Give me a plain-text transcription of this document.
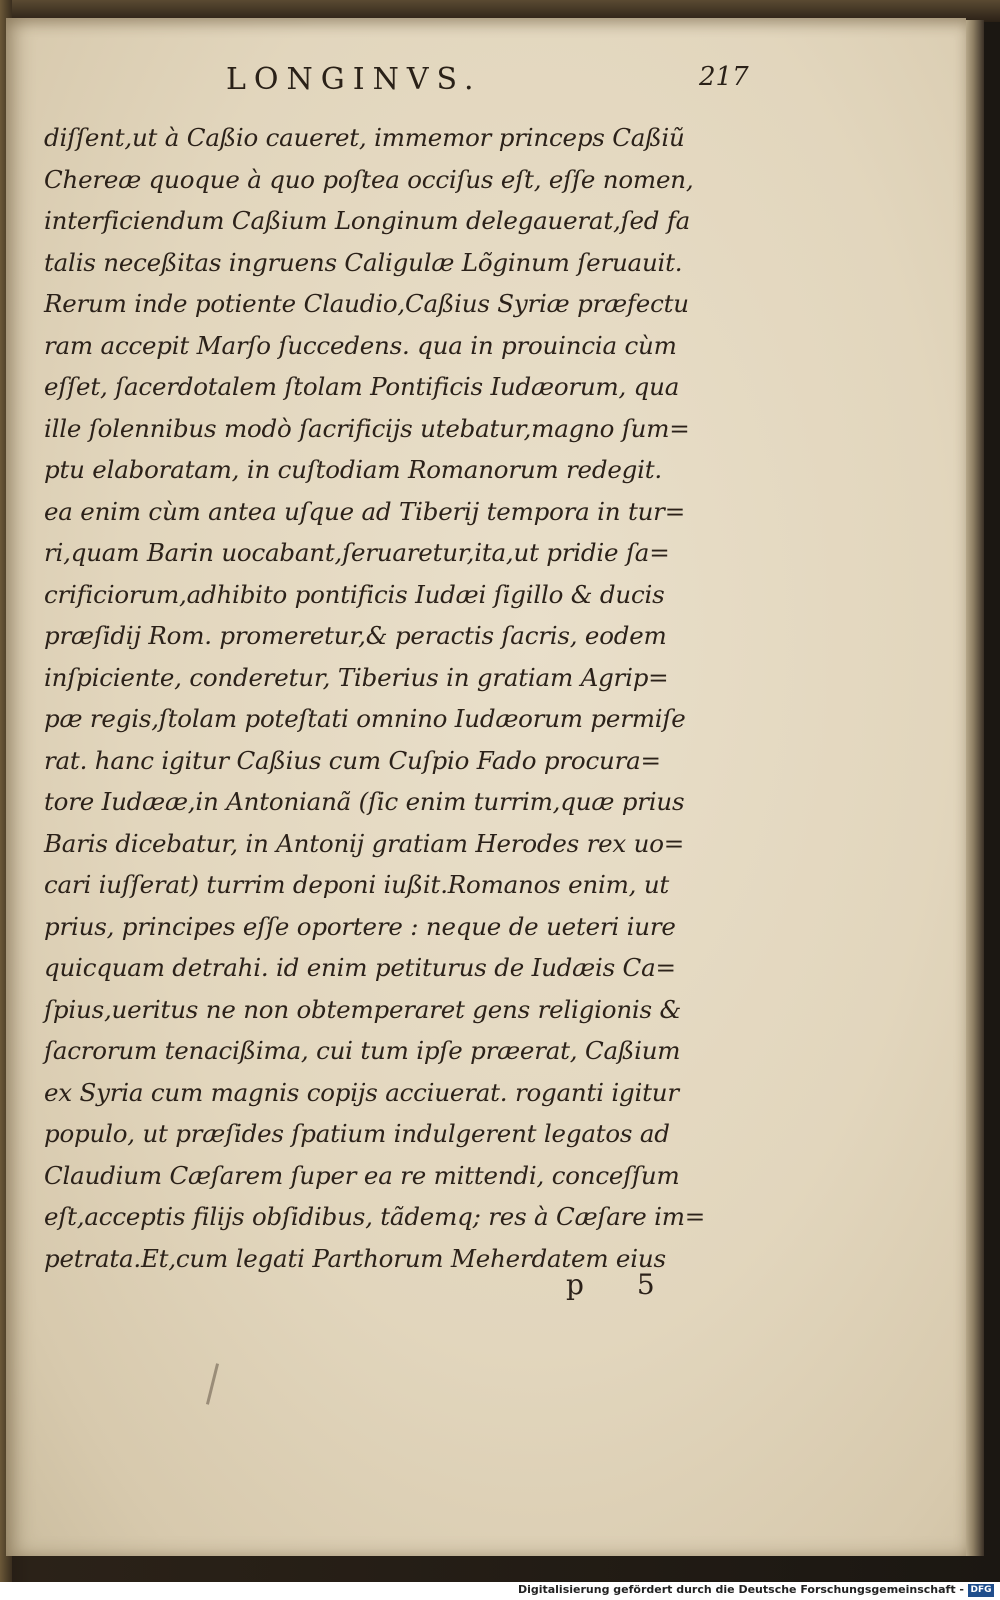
LONGINVS.	217
diſſent,ut à Caßio caueret, immemor princeps Caßiũ
Chereæ quoque à quo poſtea occiſus eſt, eſſe nomen,
interficiendum Caßium Longinum delegauerat,ſed fa
talis neceßitas ingruens Caligulæ Lõginum ſeruauit.
Rerum inde potiente Claudio,Caßius Syriæ præfectu
ram accepit Marſo ſuccedens. qua in prouincia cùm
eſſet, ſacerdotalem ſtolam Pontificis Iudæorum, qua
ille ſolennibus modò ſacrificijs utebatur,magno ſum=
ptu elaboratam, in cuſtodiam Romanorum redegit.
ea enim cùm antea uſque ad Tiberij tempora in tur=
ri,quam Barin uocabant,ſeruaretur,ita,ut pridie ſa=
crificiorum,adhibito pontificis Iudæi ſigillo & ducis
præſidij Rom. promeretur,& peractis ſacris, eodem
inſpiciente, conderetur, Tiberius in gratiam Agrip=
pæ regis,ſtolam poteſtati omnino Iudæorum permiſe
rat. hanc igitur Caßius cum Cuſpio Fado procura=
tore Iudææ,in Antonianã (ſic enim turrim,quæ prius
Baris dicebatur, in Antonij gratiam Herodes rex uo=
cari iuſſerat) turrim deponi iußit.Romanos enim, ut
prius, principes eſſe oportere : neque de ueteri iure
quicquam detrahi. id enim petiturus de Iudæis Ca=
ſpius,ueritus ne non obtemperaret gens religionis &
ſacrorum tenacißima, cui tum ipſe præerat, Caßium
ex Syria cum magnis copijs acciuerat. roganti igitur
populo, ut præſides ſpatium indulgerent legatos ad
Claudium Cæſarem ſuper ea re mittendi, conceſſum
eſt,acceptis filijs obſidibus, tãdemq; res à Cæſare im=
petrata.Et,cum legati Parthorum Meherdatem eius
p 5
Digitalisierung gefördert durch die Deutsche Forschungsgemeinschaft - DFG
